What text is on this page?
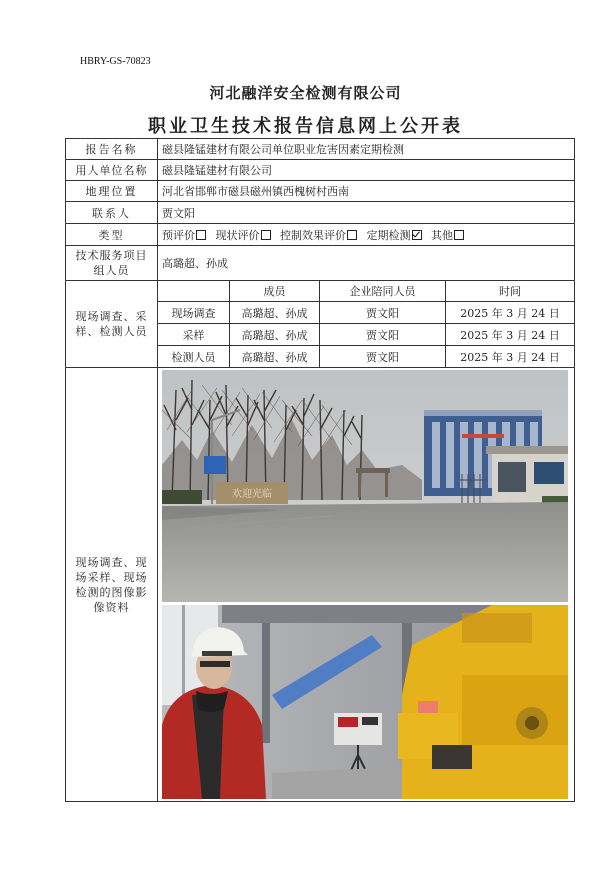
HBRY-GS-70823
河北融洋安全检测有限公司
职业卫生技术报告信息网上公开表
报告名称	磁县隆锰建材有限公司单位职业危害因素定期检测			
用人单位名称	磁县隆锰建材有限公司			
地理位置	河北省邯郸市磁县磁州镇西槐树村西南			
联系人	贾文阳			
类型	预评价 现状评价 控制效果评价 定期检测 其他			
技术服务项目组人员	高璐超、孙成			
现场调查、采样、检测人员		成员	企业陪同人员	时间
	现场调查	高璐超、孙成	贾文阳	2025 年 3 月 24 日
	采样	高璐超、孙成	贾文阳	2025 年 3 月 24 日
	检测人员	高璐超、孙成	贾文阳	2025 年 3 月 24 日
现场调查、现场采样、现场检测的图像影像资料	欢迎光临			
